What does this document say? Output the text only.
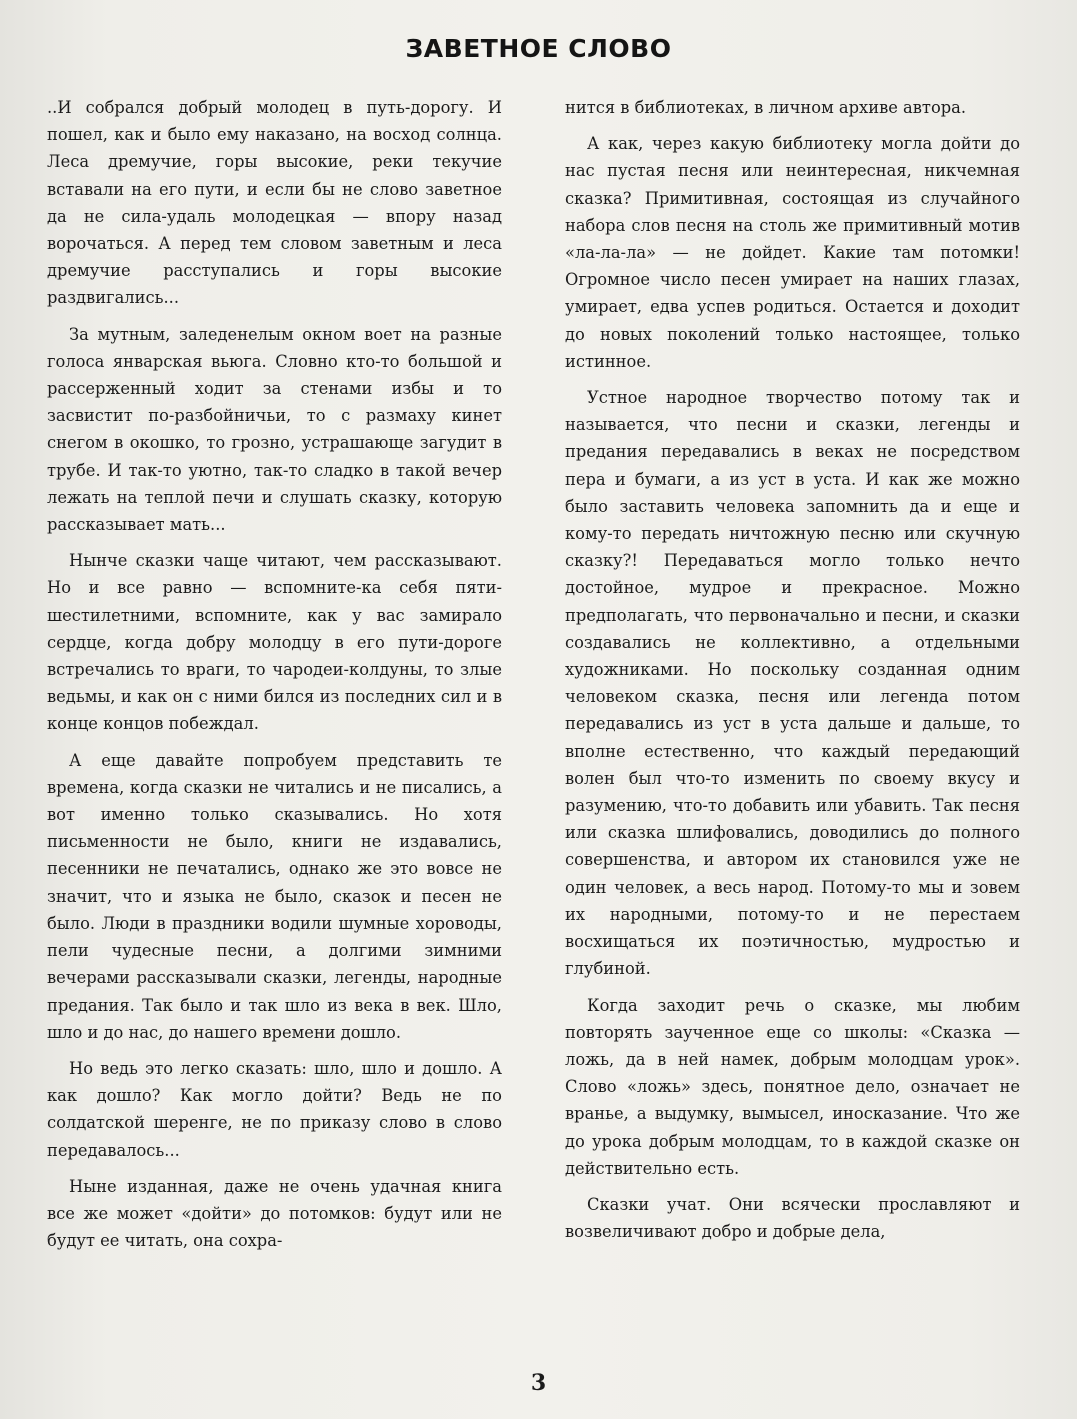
ЗАВЕТНОЕ СЛОВО

..И собрался добрый молодец в путь-дорогу. И пошел, как и было ему наказано, на восход солнца. Леса дремучие, горы высокие, реки текучие вставали на его пути, и если бы не слово заветное да не сила-удаль молодецкая — впору назад ворочаться. А перед тем словом заветным и леса дремучие расступались и горы высокие раздвигались...

За мутным, заледенелым окном воет на разные голоса январская вьюга. Словно кто-то большой и рассерженный ходит за стенами избы и то засвистит по-разбойничьи, то с размаху кинет снегом в окошко, то грозно, устрашающе загудит в трубе. И так-то уютно, так-то сладко в такой вечер лежать на теплой печи и слушать сказку, которую рассказывает мать...

Нынче сказки чаще читают, чем рассказывают. Но и все равно — вспомните-ка себя пяти-шестилетними, вспомните, как у вас замирало сердце, когда добру молодцу в его пути-дороге встречались то враги, то чародеи-колдуны, то злые ведьмы, и как он с ними бился из последних сил и в конце концов побеждал.

А еще давайте попробуем представить те времена, когда сказки не читались и не писались, а вот именно только сказывались. Но хотя письменности не было, книги не издавались, песенники не печатались, однако же это вовсе не значит, что и языка не было, сказок и песен не было. Люди в праздники водили шумные хороводы, пели чудесные песни, а долгими зимними вечерами рассказывали сказки, легенды, народные предания. Так было и так шло из века в век. Шло, шло и до нас, до нашего времени дошло.

Но ведь это легко сказать: шло, шло и дошло. А как дошло? Как могло дойти? Ведь не по солдатской шеренге, не по приказу слово в слово передавалось...

Ныне изданная, даже не очень удачная книга все же может «дойти» до потомков: будут или не будут ее читать, она сохра-

нится в библиотеках, в личном архиве автора.

А как, через какую библиотеку могла дойти до нас пустая песня или неинтересная, никчемная сказка? Примитивная, состоящая из случайного набора слов песня на столь же примитивный мотив «ла-ла-ла» — не дойдет. Какие там потомки! Огромное число песен умирает на наших глазах, умирает, едва успев родиться. Остается и доходит до новых поколений только настоящее, только истинное.

Устное народное творчество потому так и называется, что песни и сказки, легенды и предания передавались в веках не посредством пера и бумаги, а из уст в уста. И как же можно было заставить человека запомнить да и еще и кому-то передать ничтожную песню или скучную сказку?! Передаваться могло только нечто достойное, мудрое и прекрасное. Можно предполагать, что первоначально и песни, и сказки создавались не коллективно, а отдельными художниками. Но поскольку созданная одним человеком сказка, песня или легенда потом передавались из уст в уста дальше и дальше, то вполне естественно, что каждый передающий волен был что-то изменить по своему вкусу и разумению, что-то добавить или убавить. Так песня или сказка шлифовались, доводились до полного совершенства, и автором их становился уже не один человек, а весь народ. Потому-то мы и зовем их народными, потому-то и не перестаем восхищаться их поэтичностью, мудростью и глубиной.

Когда заходит речь о сказке, мы любим повторять заученное еще со школы: «Сказка — ложь, да в ней намек, добрым молодцам урок». Слово «ложь» здесь, понятное дело, означает не вранье, а выдумку, вымысел, иносказание. Что же до урока добрым молодцам, то в каждой сказке он действительно есть.

Сказки учат. Они всячески прославляют и возвеличивают добро и добрые дела,

3
